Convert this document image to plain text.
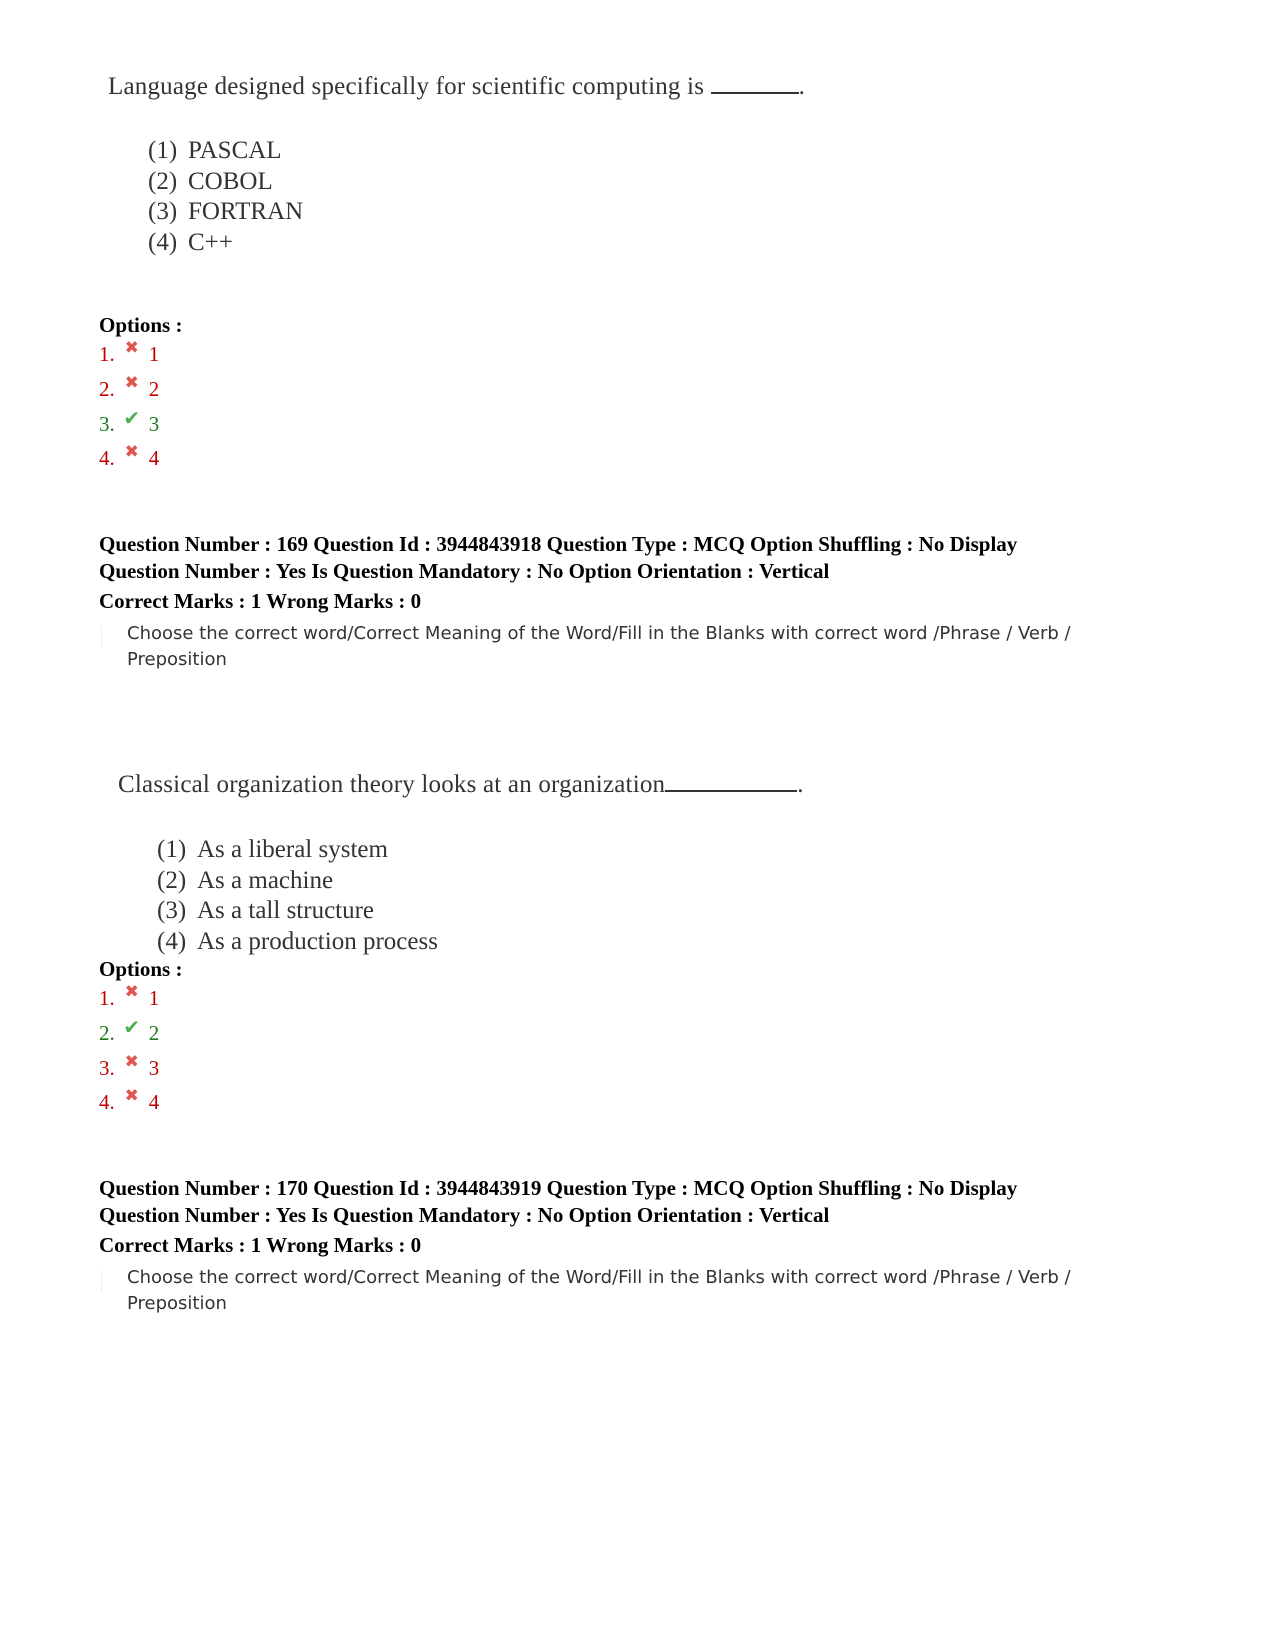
Language designed specifically for scientific computing is	.
(1) PASCAL
(2) COBOL
(3) FORTRAN
(4) C++
Options :
1. ✖ 1
2. ✖ 2
3. ✔ 3
4. ✖ 4
Question Number : 169 Question Id : 3944843918 Question Type : MCQ Option Shuffling : No Display
Question Number : Yes Is Question Mandatory : No Option Orientation : Vertical
Correct Marks : 1 Wrong Marks : 0
Choose the correct word/Correct Meaning of the Word/Fill in the Blanks with correct word /Phrase / Verb /
Preposition
Classical organization theory looks at an organization	.
(1) As a liberal system
(2) As a machine
(3) As a tall structure
(4) As a production process
Options :
1. ✖ 1
2. ✔ 2
3. ✖ 3
4. ✖ 4
Question Number : 170 Question Id : 3944843919 Question Type : MCQ Option Shuffling : No Display
Question Number : Yes Is Question Mandatory : No Option Orientation : Vertical
Correct Marks : 1 Wrong Marks : 0
Choose the correct word/Correct Meaning of the Word/Fill in the Blanks with correct word /Phrase / Verb /
Preposition
